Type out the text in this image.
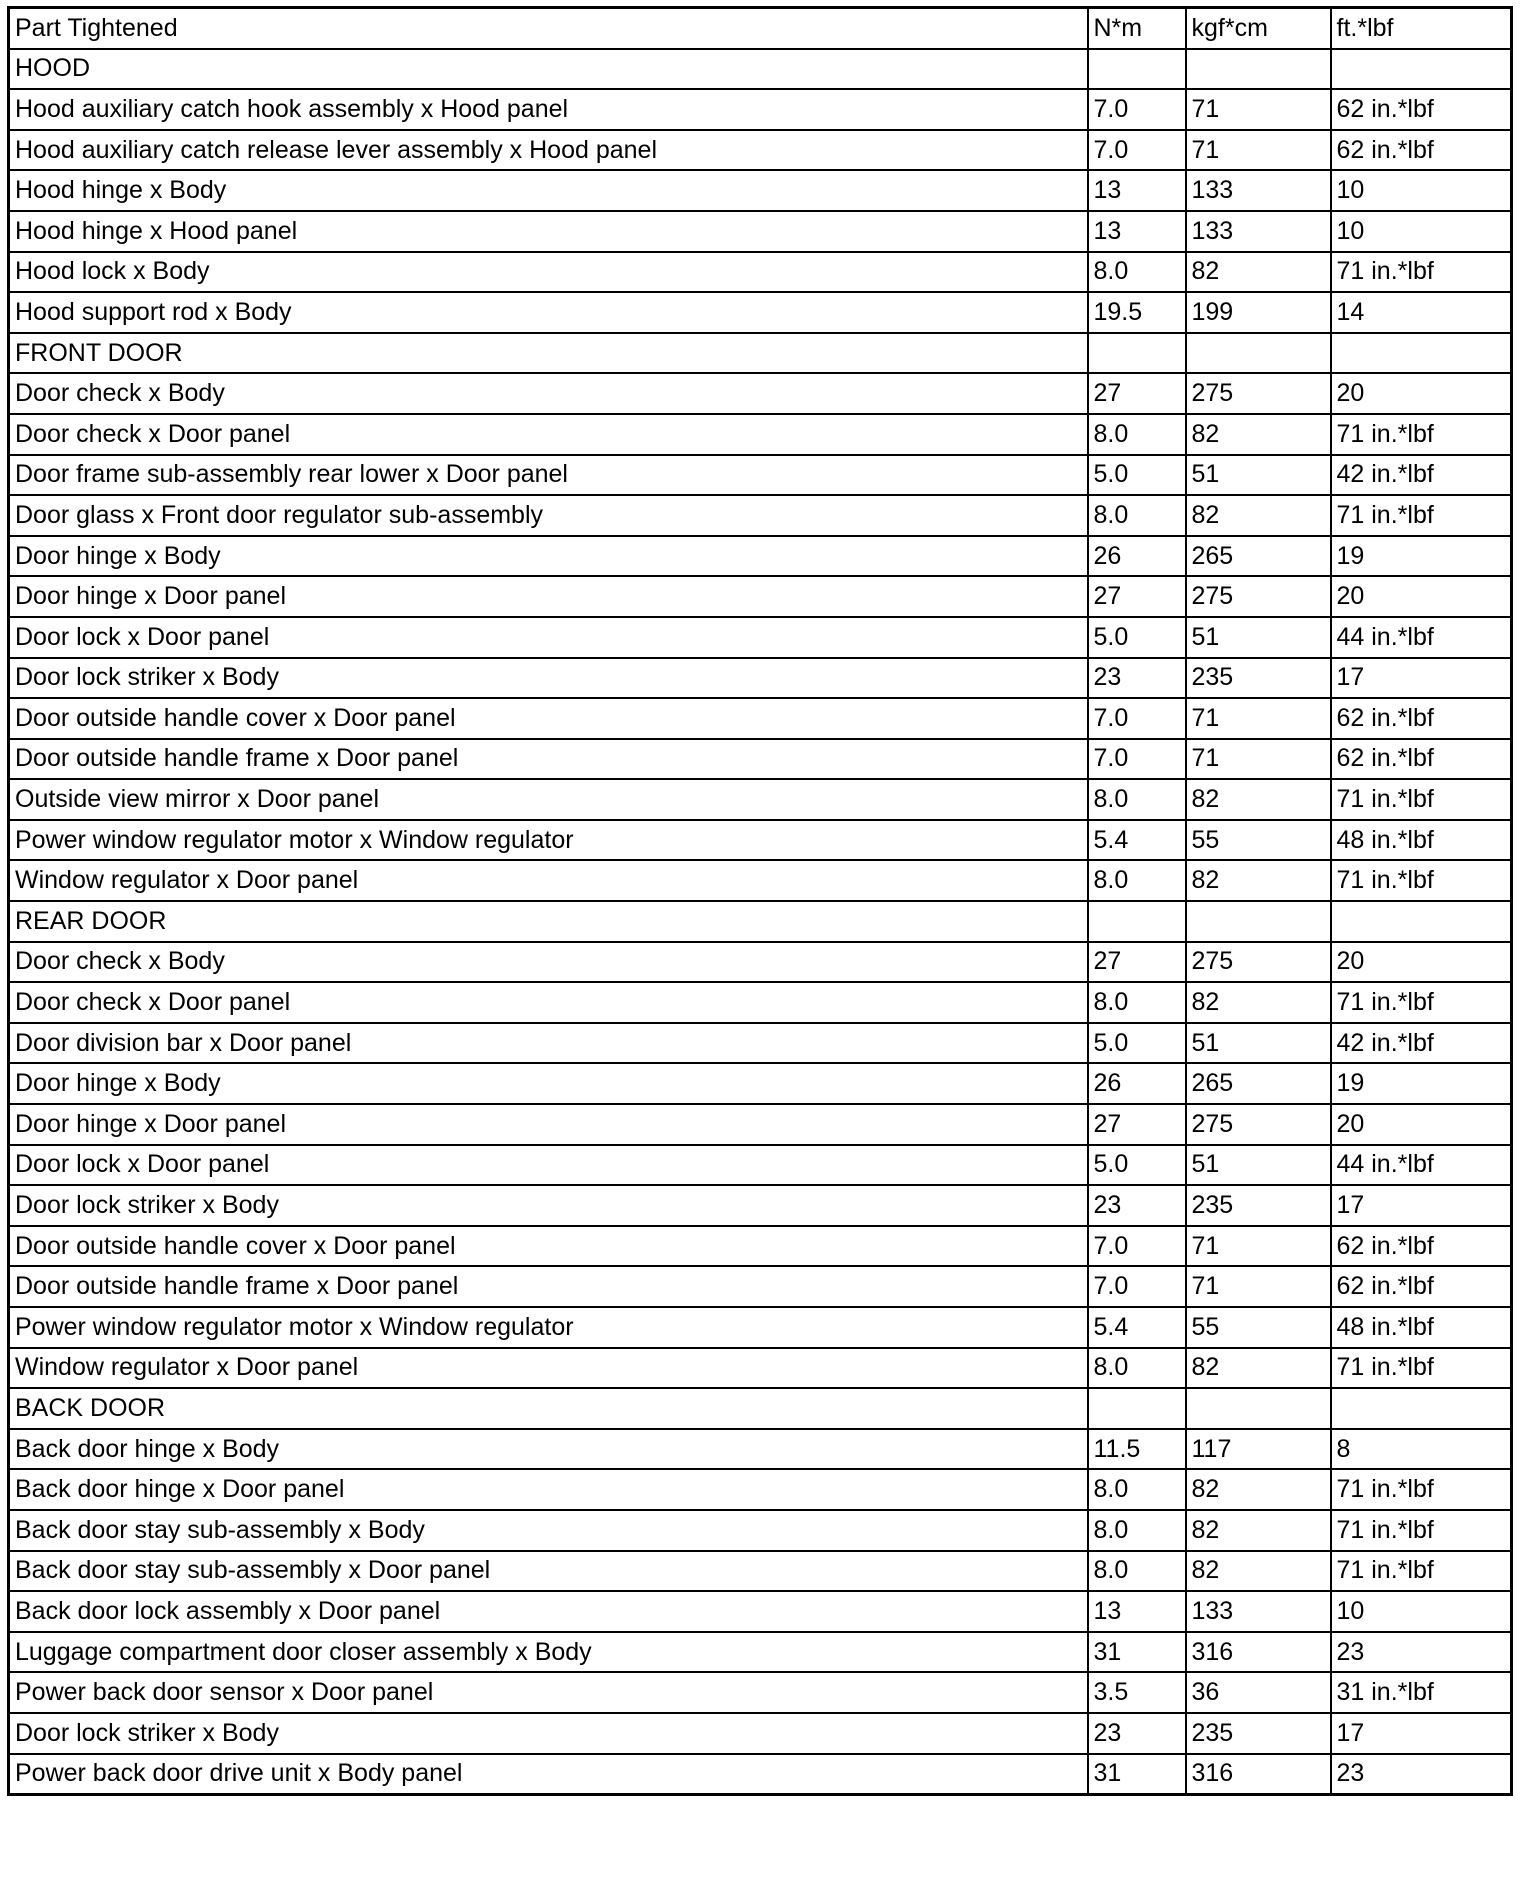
Part Tightened	N*m	kgf*cm	ft.*lbf
HOOD			
Hood auxiliary catch hook assembly x Hood panel	7.0	71	62 in.*lbf
Hood auxiliary catch release lever assembly x Hood panel	7.0	71	62 in.*lbf
Hood hinge x Body	13	133	10
Hood hinge x Hood panel	13	133	10
Hood lock x Body	8.0	82	71 in.*lbf
Hood support rod x Body	19.5	199	14
FRONT DOOR			
Door check x Body	27	275	20
Door check x Door panel	8.0	82	71 in.*lbf
Door frame sub-assembly rear lower x Door panel	5.0	51	42 in.*lbf
Door glass x Front door regulator sub-assembly	8.0	82	71 in.*lbf
Door hinge x Body	26	265	19
Door hinge x Door panel	27	275	20
Door lock x Door panel	5.0	51	44 in.*lbf
Door lock striker x Body	23	235	17
Door outside handle cover x Door panel	7.0	71	62 in.*lbf
Door outside handle frame x Door panel	7.0	71	62 in.*lbf
Outside view mirror x Door panel	8.0	82	71 in.*lbf
Power window regulator motor x Window regulator	5.4	55	48 in.*lbf
Window regulator x Door panel	8.0	82	71 in.*lbf
REAR DOOR			
Door check x Body	27	275	20
Door check x Door panel	8.0	82	71 in.*lbf
Door division bar x Door panel	5.0	51	42 in.*lbf
Door hinge x Body	26	265	19
Door hinge x Door panel	27	275	20
Door lock x Door panel	5.0	51	44 in.*lbf
Door lock striker x Body	23	235	17
Door outside handle cover x Door panel	7.0	71	62 in.*lbf
Door outside handle frame x Door panel	7.0	71	62 in.*lbf
Power window regulator motor x Window regulator	5.4	55	48 in.*lbf
Window regulator x Door panel	8.0	82	71 in.*lbf
BACK DOOR			
Back door hinge x Body	11.5	117	8
Back door hinge x Door panel	8.0	82	71 in.*lbf
Back door stay sub-assembly x Body	8.0	82	71 in.*lbf
Back door stay sub-assembly x Door panel	8.0	82	71 in.*lbf
Back door lock assembly x Door panel	13	133	10
Luggage compartment door closer assembly x Body	31	316	23
Power back door sensor x Door panel	3.5	36	31 in.*lbf
Door lock striker x Body	23	235	17
Power back door drive unit x Body panel	31	316	23
